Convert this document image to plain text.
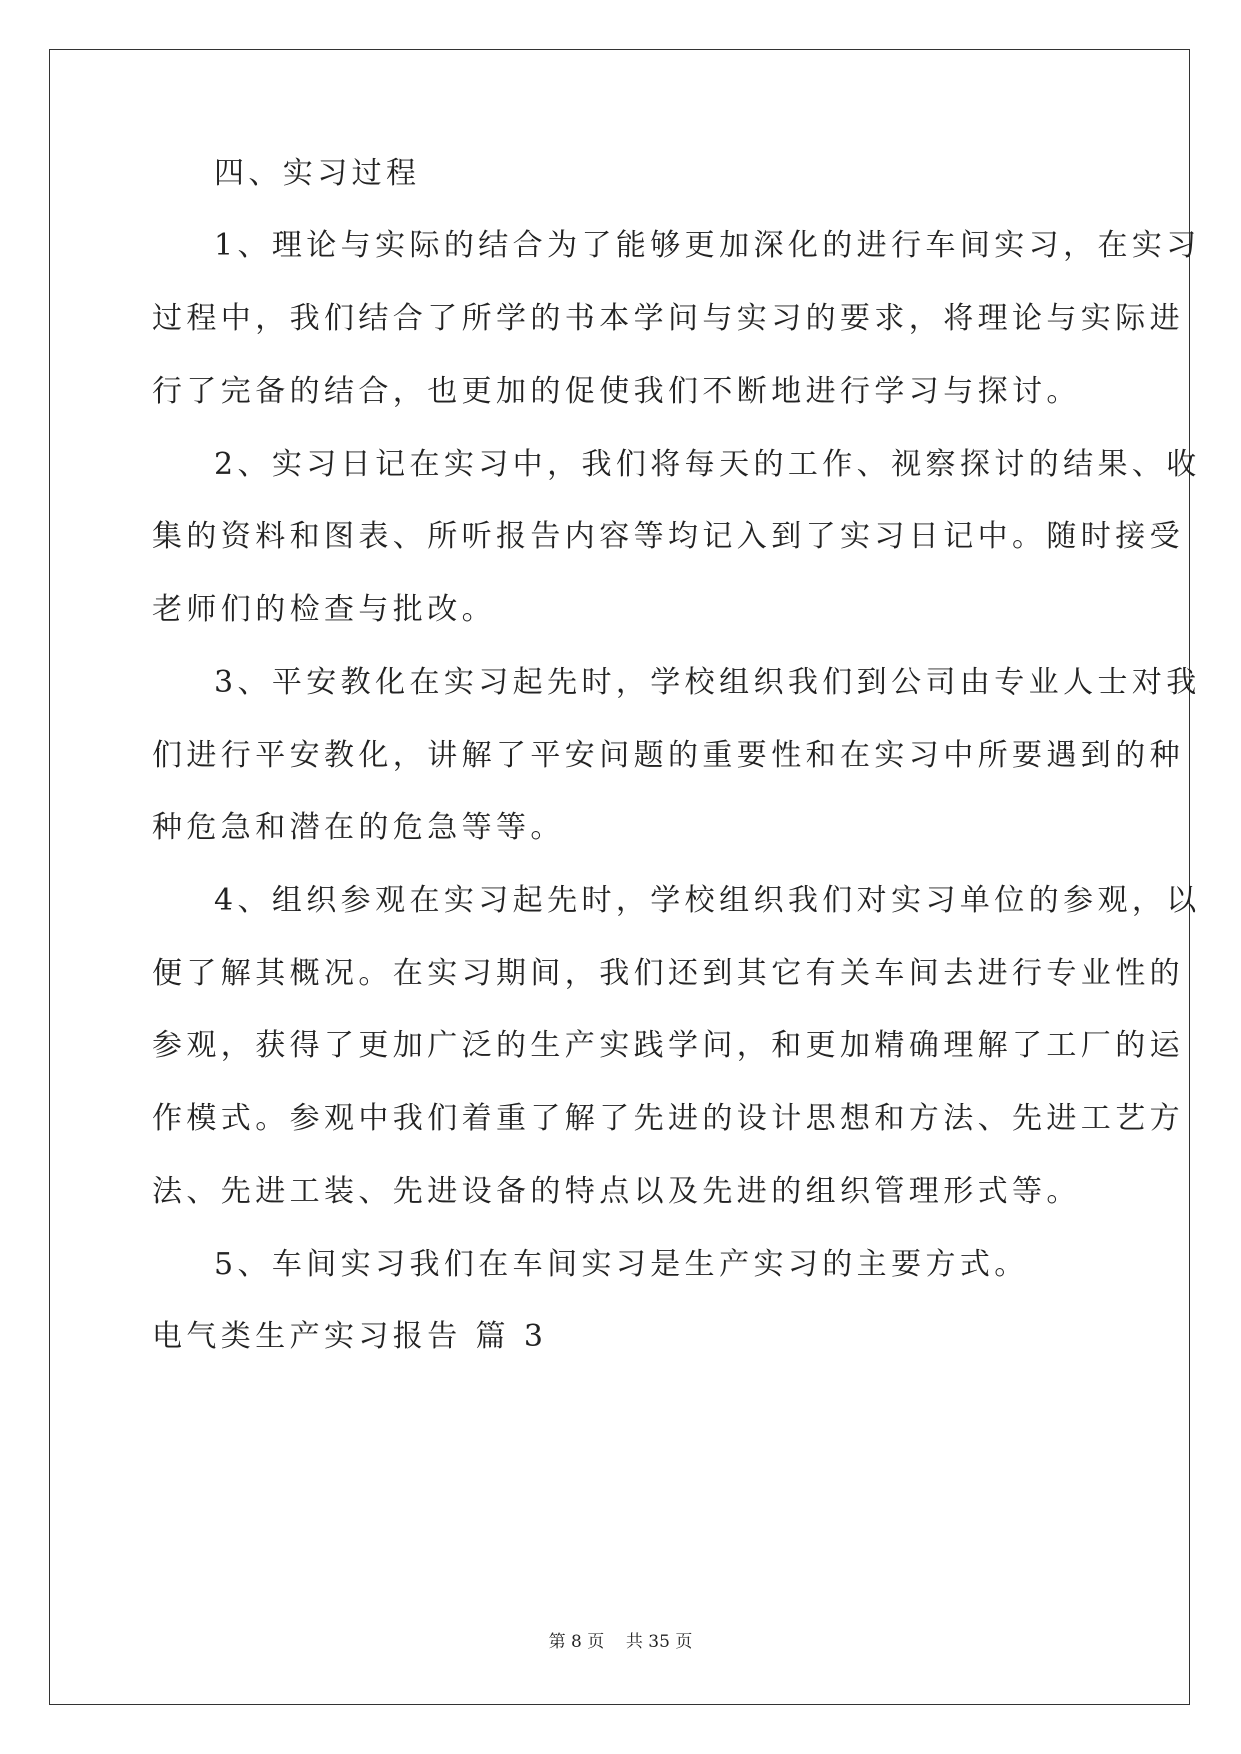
四、实习过程
1、理论与实际的结合为了能够更加深化的进行车间实习，在实习
过程中，我们结合了所学的书本学问与实习的要求，将理论与实际进
行了完备的结合，也更加的促使我们不断地进行学习与探讨。
2、实习日记在实习中，我们将每天的工作、视察探讨的结果、收
集的资料和图表、所听报告内容等均记入到了实习日记中。随时接受
老师们的检查与批改。
3、平安教化在实习起先时，学校组织我们到公司由专业人士对我
们进行平安教化，讲解了平安问题的重要性和在实习中所要遇到的种
种危急和潜在的危急等等。
4、组织参观在实习起先时，学校组织我们对实习单位的参观，以
便了解其概况。在实习期间，我们还到其它有关车间去进行专业性的
参观，获得了更加广泛的生产实践学问，和更加精确理解了工厂的运
作模式。参观中我们着重了解了先进的设计思想和方法、先进工艺方
法、先进工装、先进设备的特点以及先进的组织管理形式等。
5、车间实习我们在车间实习是生产实习的主要方式。
电气类生产实习报告 篇 3
第 8 页    共 35 页
